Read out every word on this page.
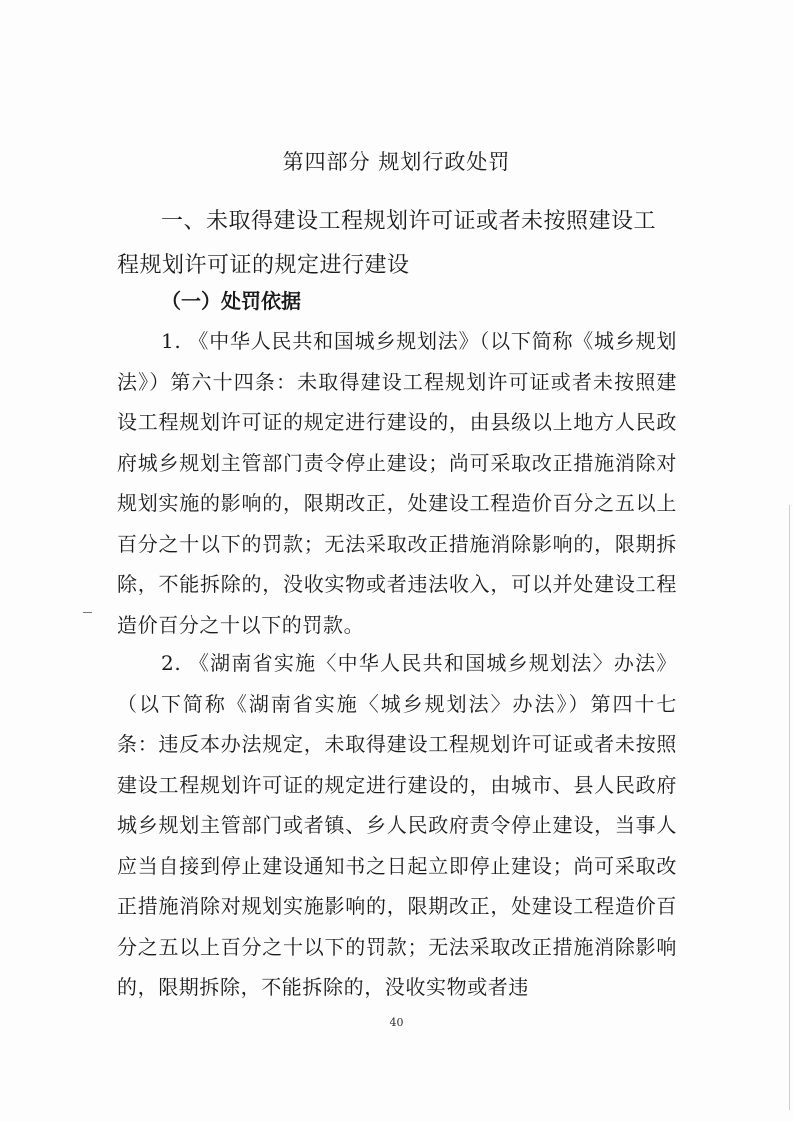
第四部分 规划行政处罚
一、未取得建设工程规划许可证或者未按照建设工程规划许可证的规定进行建设
（一）处罚依据

1. 《中华人民共和国城乡规划法》（以下简称《城乡规划法》）第六十四条：未取得建设工程规划许可证或者未按照建设工程规划许可证的规定进行建设的，由县级以上地方人民政府城乡规划主管部门责令停止建设；尚可采取改正措施消除对规划实施的影响的，限期改正，处建设工程造价百分之五以上百分之十以下的罚款；无法采取改正措施消除影响的，限期拆除，不能拆除的，没收实物或者违法收入，可以并处建设工程造价百分之十以下的罚款。

2. 《湖南省实施〈中华人民共和国城乡规划法〉办法》（以下简称《湖南省实施〈城乡规划法〉办法》）第四十七条：违反本办法规定，未取得建设工程规划许可证或者未按照建设工程规划许可证的规定进行建设的，由城市、县人民政府城乡规划主管部门或者镇、乡人民政府责令停止建设，当事人应当自接到停止建设通知书之日起立即停止建设；尚可采取改正措施消除对规划实施影响的，限期改正，处建设工程造价百分之五以上百分之十以下的罚款；无法采取改正措施消除影响的，限期拆除，不能拆除的，没收实物或者违

40
